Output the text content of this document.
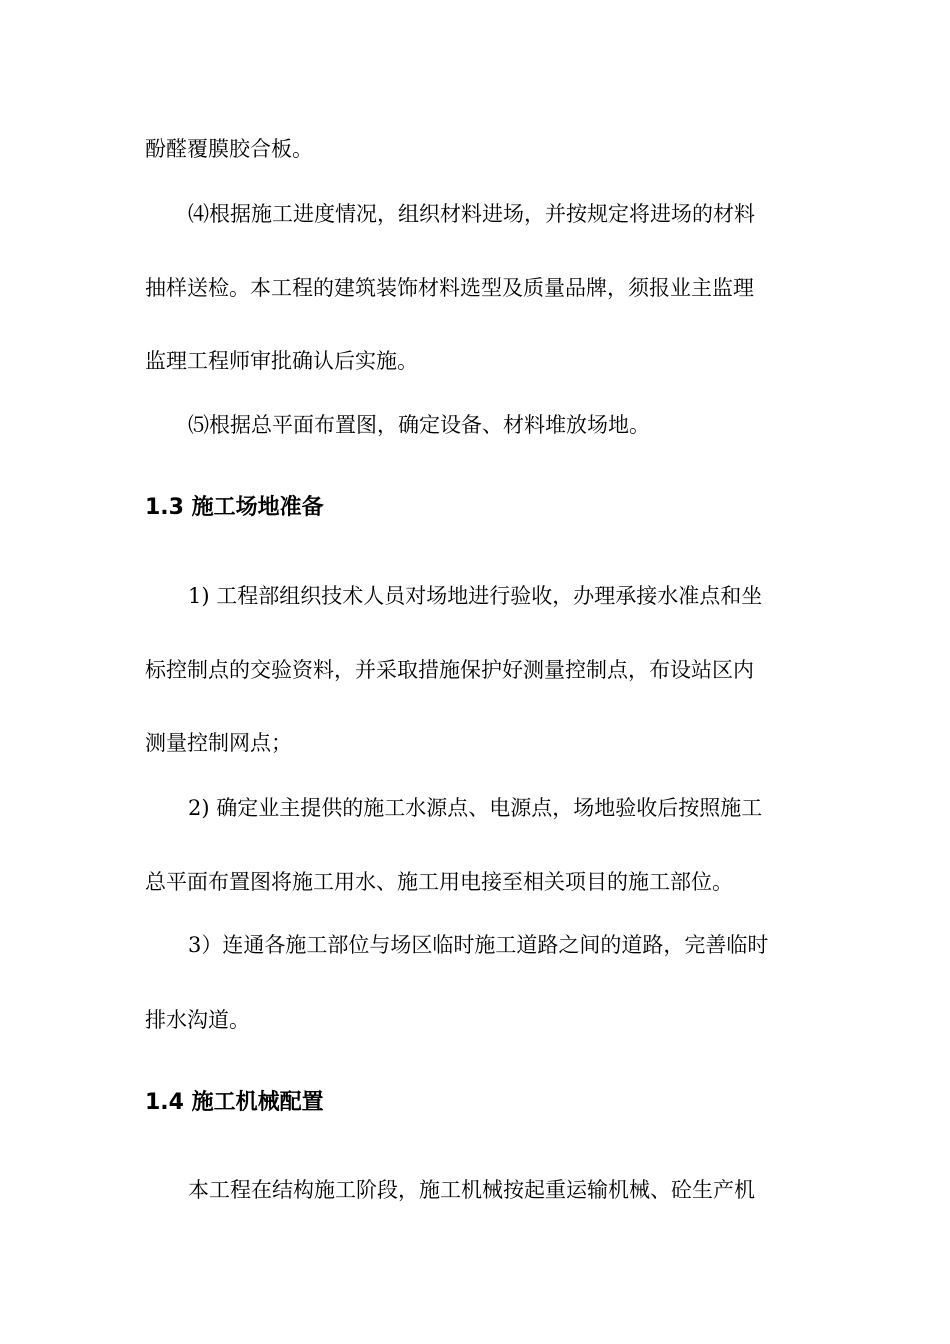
酚醛覆膜胶合板。

⑷根据施工进度情况，组织材料进场，并按规定将进场的材料

抽样送检。本工程的建筑装饰材料选型及质量品牌，须报业主监理

监理工程师审批确认后实施。

⑸根据总平面布置图，确定设备、材料堆放场地。

1.3 施工场地准备

1) 工程部组织技术人员对场地进行验收，办理承接水准点和坐

标控制点的交验资料，并采取措施保护好测量控制点，布设站区内

测量控制网点；

2) 确定业主提供的施工水源点、电源点，场地验收后按照施工

总平面布置图将施工用水、施工用电接至相关项目的施工部位。

3）连通各施工部位与场区临时施工道路之间的道路，完善临时

排水沟道。

1.4 施工机械配置

本工程在结构施工阶段，施工机械按起重运输机械、砼生产机
